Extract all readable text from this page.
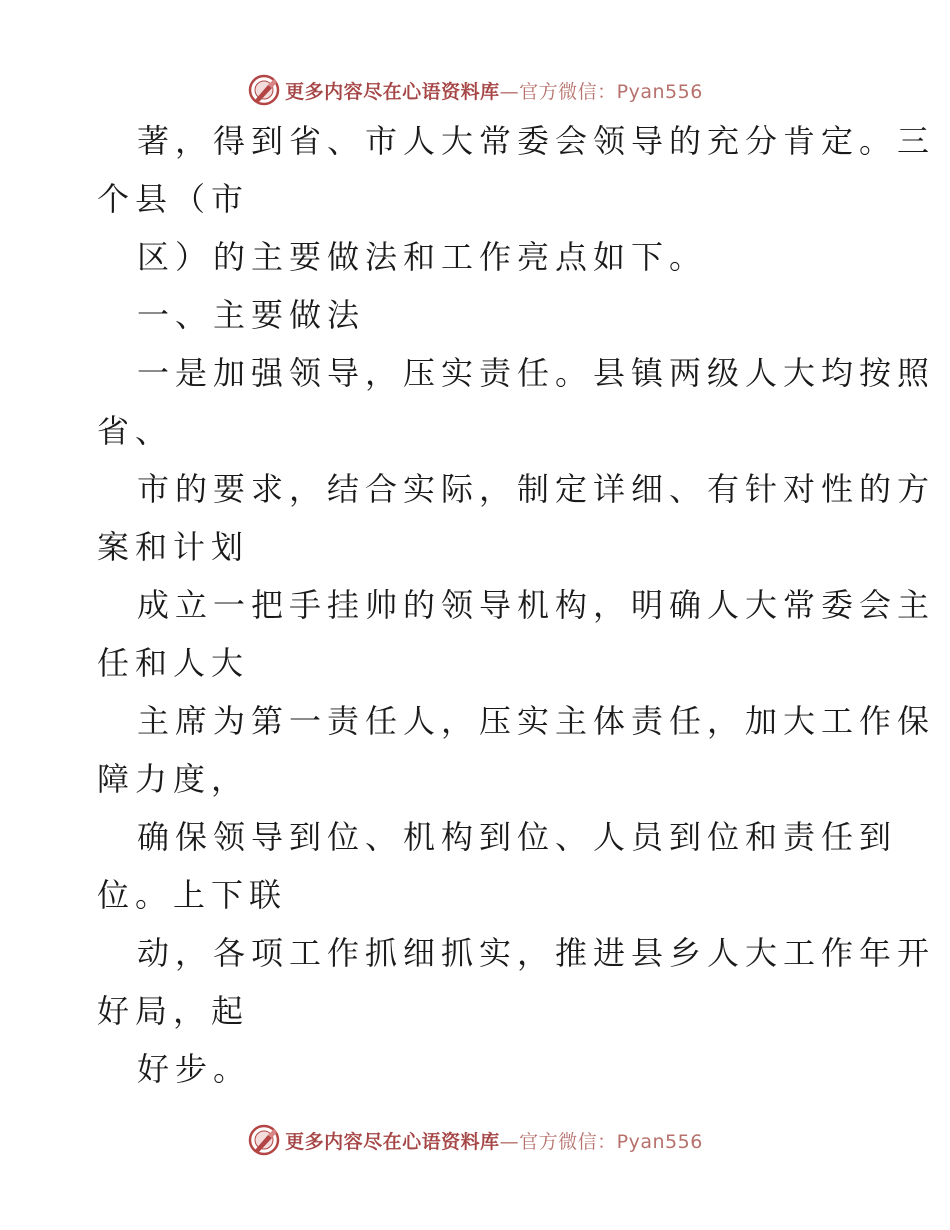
更多内容尽在心语资料库—官方微信：Pyan556
著，得到省、市人大常委会领导的充分肯定。三
个县（市
区）的主要做法和工作亮点如下。
一、主要做法
一是加强领导，压实责任。县镇两级人大均按照
省、
市的要求，结合实际，制定详细、有针对性的方
案和计划
成立一把手挂帅的领导机构，明确人大常委会主
任和人大
主席为第一责任人，压实主体责任，加大工作保
障力度，
确保领导到位、机构到位、人员到位和责任到
位。上下联
动，各项工作抓细抓实，推进县乡人大工作年开
好局，起
好步。
更多内容尽在心语资料库—官方微信：Pyan556
